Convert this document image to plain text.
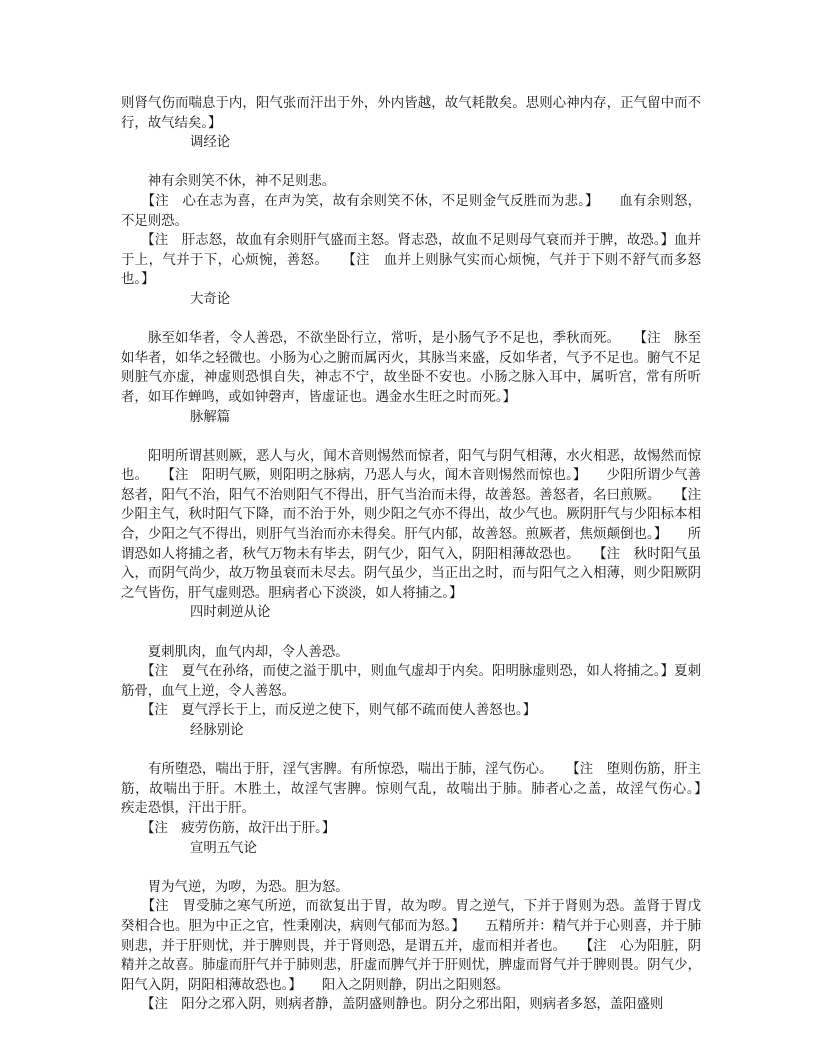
则肾气伤而喘息于内，阳气张而汗出于外，外内皆越，故气耗散矣。思则心神内存，正气留中而不行，故气结矣。】

调经论

　　神有余则笑不休，神不足则悲。

　　【注　心在志为喜，在声为笑，故有余则笑不休，不足则金气反胜而为悲。】　　血有余则怒，不足则恐。

　　【注　肝志怒，故血有余则肝气盛而主怒。肾志恐，故血不足则母气衰而并于脾，故恐。】血并于上，气并于下，心烦惋，善怒。　　【注　血并上则脉气实而心烦惋，气并于下则不舒气而多怒也。】

大奇论

　　脉至如华者，令人善恐，不欲坐卧行立，常听，是小肠气予不足也，季秋而死。　　【注　脉至如华者，如华之轻微也。小肠为心之腑而属丙火，其脉当来盛，反如华者，气予不足也。腑气不足则脏气亦虚，神虚则恐惧自失，神志不宁，故坐卧不安也。小肠之脉入耳中，属听宫，常有所听者，如耳作蝉鸣，或如钟磬声，皆虚证也。遇金水生旺之时而死。】

脉解篇

　　阳明所谓甚则厥，恶人与火，闻木音则惕然而惊者，阳气与阴气相薄，水火相恶，故惕然而惊也。　　【注　阳明气厥，则阳明之脉病，乃恶人与火，闻木音则惕然而惊也。】　　少阳所谓少气善怒者，阳气不治，阳气不治则阳气不得出，肝气当治而未得，故善怒。善怒者，名曰煎厥。　　【注　少阳主气，秋时阳气下降，而不治于外，则少阳之气亦不得出，故少气也。厥阴肝气与少阳标本相合，少阳之气不得出，则肝气当治而亦未得矣。肝气内郁，故善怒。煎厥者，焦烦颠倒也。】　　所谓恐如人将捕之者，秋气万物未有毕去，阴气少，阳气入，阴阳相薄故恐也。　　【注　秋时阳气虽入，而阴气尚少，故万物虽衰而未尽去。阴气虽少，当正出之时，而与阳气之入相薄，则少阳厥阴之气皆伤，肝气虚则恐。胆病者心下淡淡，如人将捕之。】

四时刺逆从论

　　夏刺肌肉，血气内却，令人善恐。

　　【注　夏气在孙络，而使之溢于肌中，则血气虚却于内矣。阳明脉虚则恐，如人将捕之。】夏刺筋骨，血气上逆，令人善怒。

　　【注　夏气浮长于上，而反逆之使下，则气郁不疏而使人善怒也。】

经脉别论

　　有所堕恐，喘出于肝，淫气害脾。有所惊恐，喘出于肺，淫气伤心。　　【注　堕则伤筋，肝主筋，故喘出于肝。木胜土，故淫气害脾。惊则气乱，故喘出于肺。肺者心之盖，故淫气伤心。】　　疾走恐惧，汗出于肝。

　　【注　疲劳伤筋，故汗出于肝。】

宣明五气论

　　胃为气逆，为哕，为恐。胆为怒。

　　【注　胃受肺之寒气所逆，而欲复出于胃，故为哕。胃之逆气，下并于肾则为恐。盖肾于胃戊癸相合也。胆为中正之官，性秉刚决，病则气郁而为怒。】　　五精所并：精气并于心则喜，并于肺则悲，并于肝则忧，并于脾则畏，并于肾则恐，是谓五并，虚而相并者也。　　【注　心为阳脏，阴精并之故喜。肺虚而肝气并于肺则悲，肝虚而脾气并于肝则忧，脾虚而肾气并于脾则畏。阴气少，阳气入阴，阴阳相薄故恐也。】　　阳入之阴则静，阴出之阳则怒。

　　【注　阳分之邪入阴，则病者静，盖阴盛则静也。阴分之邪出阳，则病者多怒，盖阳盛则
